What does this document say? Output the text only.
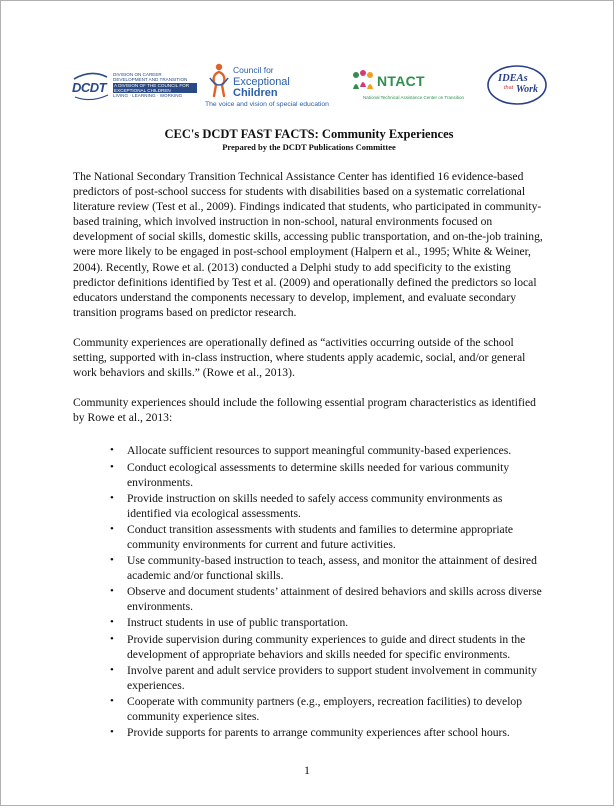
DCDT
DIVISION ON CAREER
DEVELOPMENT AND TRANSITION
A DIVISION OF THE COUNCIL FOR EXCEPTIONAL CHILDREN
LIVING · LEARNING · WORKING
Council for
Exceptional
Children
The voice and vision of special education
NTACT
National Technical Assistance Center on Transition
IDEAs
that Work

CEC's DCDT FAST FACTS: Community Experiences

Prepared by the DCDT Publications Committee

The National Secondary Transition Technical Assistance Center has identified 16 evidence-based predictors of post-school success for students with disabilities based on a systematic correlational literature review (Test et al., 2009). Findings indicated that students, who participated in community-based training, which involved instruction in non-school, natural environments focused on development of social skills, domestic skills, accessing public transportation, and on-the-job training, were more likely to be engaged in post-school employment (Halpern et al., 1995; White & Weiner, 2004). Recently, Rowe et al. (2013) conducted a Delphi study to add specificity to the existing predictor definitions identified by Test et al. (2009) and operationally defined the predictors so local educators understand the components necessary to develop, implement, and evaluate secondary transition programs based on predictor research.

Community experiences are operationally defined as “activities occurring outside of the school setting, supported with in-class instruction, where students apply academic, social, and/or general work behaviors and skills.” (Rowe et al., 2013).

Community experiences should include the following essential program characteristics as identified by Rowe et al., 2013:

• Allocate sufficient resources to support meaningful community-based experiences.
• Conduct ecological assessments to determine skills needed for various community environments.
• Provide instruction on skills needed to safely access community environments as identified via ecological assessments.
• Conduct transition assessments with students and families to determine appropriate community environments for current and future activities.
• Use community-based instruction to teach, assess, and monitor the attainment of desired academic and/or functional skills.
• Observe and document students’ attainment of desired behaviors and skills across diverse environments.
• Instruct students in use of public transportation.
• Provide supervision during community experiences to guide and direct students in the development of appropriate behaviors and skills needed for specific environments.
• Involve parent and adult service providers to support student involvement in community experiences.
• Cooperate with community partners (e.g., employers, recreation facilities) to develop community experience sites.
• Provide supports for parents to arrange community experiences after school hours.
1
